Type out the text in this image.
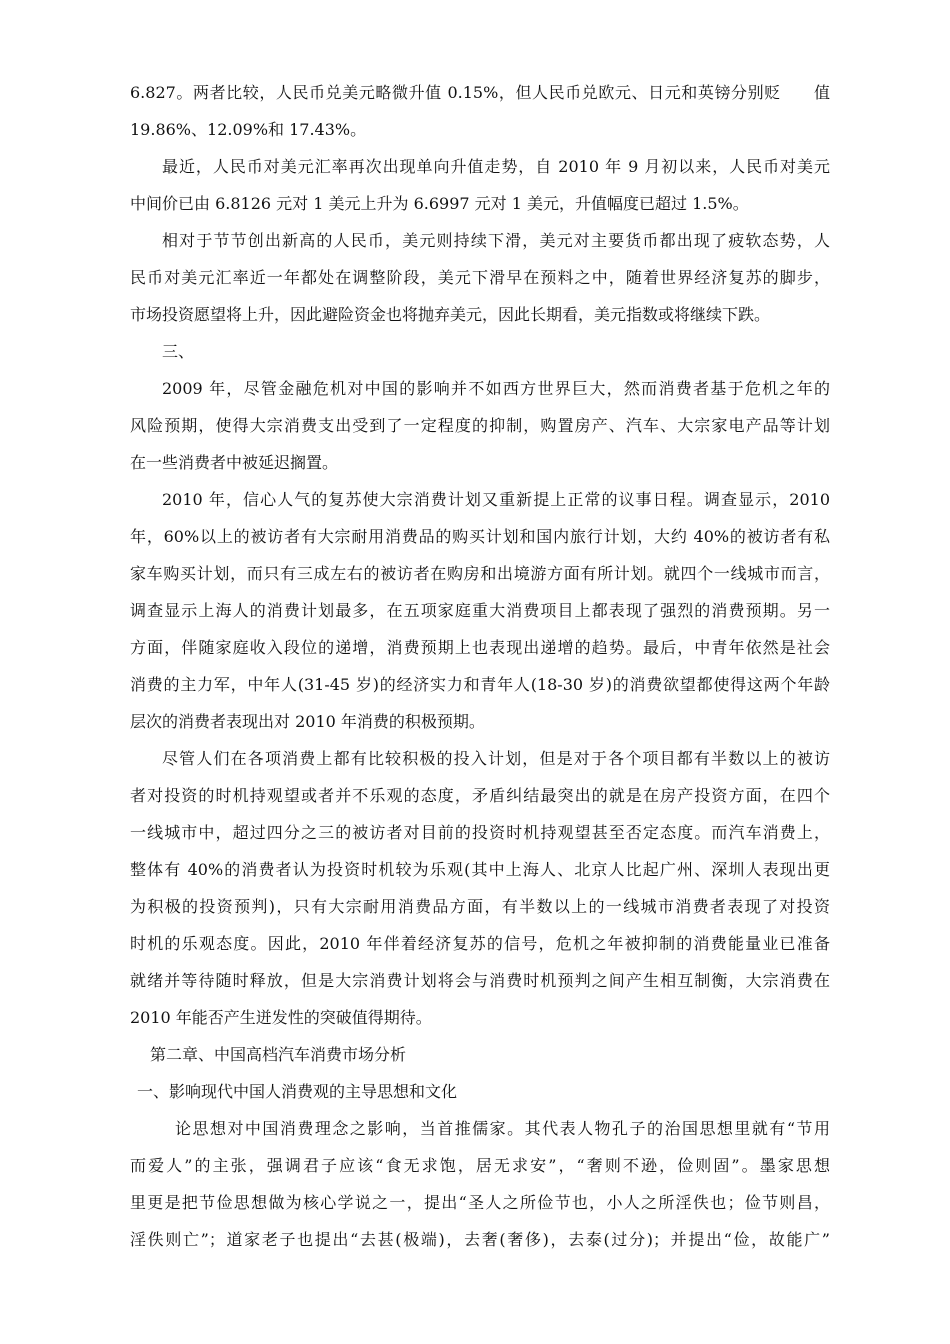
6.827。两者比较，人民币兑美元略微升值 0.15%，但人民币兑欧元、日元和英镑分别贬　　值
19.86%、12.09%和 17.43%。
最近，人民币对美元汇率再次出现单向升值走势，自 2010 年 9 月初以来，人民币对美元
中间价已由 6.8126 元对 1 美元上升为 6.6997 元对 1 美元，升值幅度已超过 1.5%。
相对于节节创出新高的人民币，美元则持续下滑，美元对主要货币都出现了疲软态势，人
民币对美元汇率近一年都处在调整阶段，美元下滑早在预料之中，随着世界经济复苏的脚步，
市场投资愿望将上升，因此避险资金也将抛弃美元，因此长期看，美元指数或将继续下跌。
三、
2009 年，尽管金融危机对中国的影响并不如西方世界巨大，然而消费者基于危机之年的
风险预期，使得大宗消费支出受到了一定程度的抑制，购置房产、汽车、大宗家电产品等计划
在一些消费者中被延迟搁置。
2010 年，信心人气的复苏使大宗消费计划又重新提上正常的议事日程。调查显示，2010
年，60%以上的被访者有大宗耐用消费品的购买计划和国内旅行计划，大约 40%的被访者有私
家车购买计划，而只有三成左右的被访者在购房和出境游方面有所计划。就四个一线城市而言，
调查显示上海人的消费计划最多，在五项家庭重大消费项目上都表现了强烈的消费预期。另一
方面，伴随家庭收入段位的递增，消费预期上也表现出递增的趋势。最后，中青年依然是社会
消费的主力军，中年人(31-45 岁)的经济实力和青年人(18-30 岁)的消费欲望都使得这两个年龄
层次的消费者表现出对 2010 年消费的积极预期。
尽管人们在各项消费上都有比较积极的投入计划，但是对于各个项目都有半数以上的被访
者对投资的时机持观望或者并不乐观的态度，矛盾纠结最突出的就是在房产投资方面，在四个
一线城市中，超过四分之三的被访者对目前的投资时机持观望甚至否定态度。而汽车消费上，
整体有 40%的消费者认为投资时机较为乐观(其中上海人、北京人比起广州、深圳人表现出更
为积极的投资预判)，只有大宗耐用消费品方面，有半数以上的一线城市消费者表现了对投资
时机的乐观态度。因此，2010 年伴着经济复苏的信号，危机之年被抑制的消费能量业已准备
就绪并等待随时释放，但是大宗消费计划将会与消费时机预判之间产生相互制衡，大宗消费在
2010 年能否产生迸发性的突破值得期待。
第二章、中国高档汽车消费市场分析
一、影响现代中国人消费观的主导思想和文化
论思想对中国消费理念之影响，当首推儒家。其代表人物孔子的治国思想里就有“节用
而爱人”的主张，强调君子应该“食无求饱，居无求安”，“奢则不逊，俭则固”。墨家思想
里更是把节俭思想做为核心学说之一，提出“圣人之所俭节也，小人之所淫佚也；俭节则昌，
淫佚则亡”；道家老子也提出“去甚(极端)，去奢(奢侈)，去泰(过分)；并提出“俭，故能广”
